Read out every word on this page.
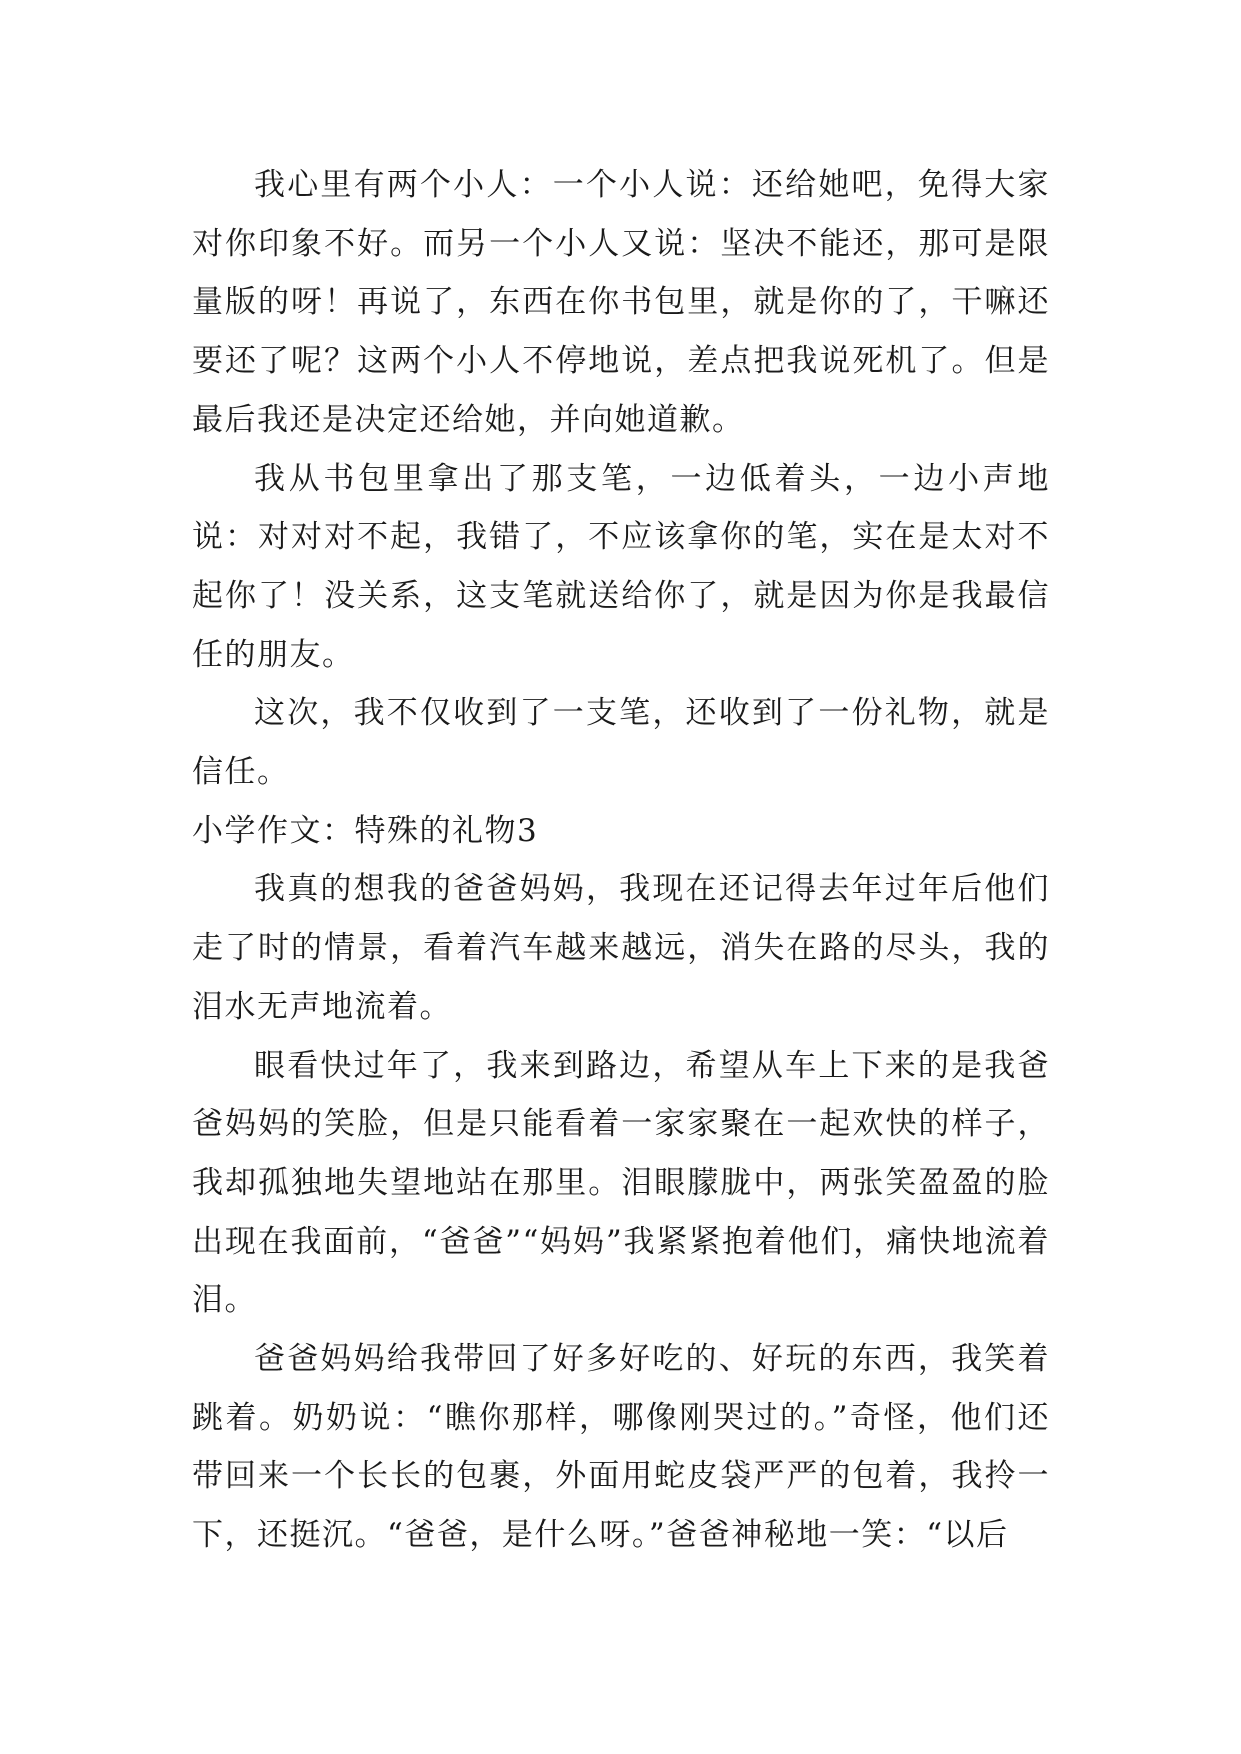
我心里有两个小人：一个小人说：还给她吧，免得大家对你印象不好。而另一个小人又说：坚决不能还，那可是限量版的呀！再说了，东西在你书包里，就是你的了，干嘛还要还了呢？这两个小人不停地说，差点把我说死机了。但是最后我还是决定还给她，并向她道歉。

我从书包里拿出了那支笔，一边低着头，一边小声地说：对对对不起，我错了，不应该拿你的笔，实在是太对不起你了！没关系，这支笔就送给你了，就是因为你是我最信任的朋友。

这次，我不仅收到了一支笔，还收到了一份礼物，就是信任。

小学作文：特殊的礼物3

我真的想我的爸爸妈妈，我现在还记得去年过年后他们走了时的情景，看着汽车越来越远，消失在路的尽头，我的泪水无声地流着。

眼看快过年了，我来到路边，希望从车上下来的是我爸爸妈妈的笑脸，但是只能看着一家家聚在一起欢快的样子，我却孤独地失望地站在那里。泪眼朦胧中，两张笑盈盈的脸出现在我面前，“爸爸”“妈妈”我紧紧抱着他们，痛快地流着泪。

爸爸妈妈给我带回了好多好吃的、好玩的东西，我笑着跳着。奶奶说：“瞧你那样，哪像刚哭过的。”奇怪，他们还带回来一个长长的包裹，外面用蛇皮袋严严的包着，我拎一下，还挺沉。“爸爸，是什么呀。”爸爸神秘地一笑：“以后
